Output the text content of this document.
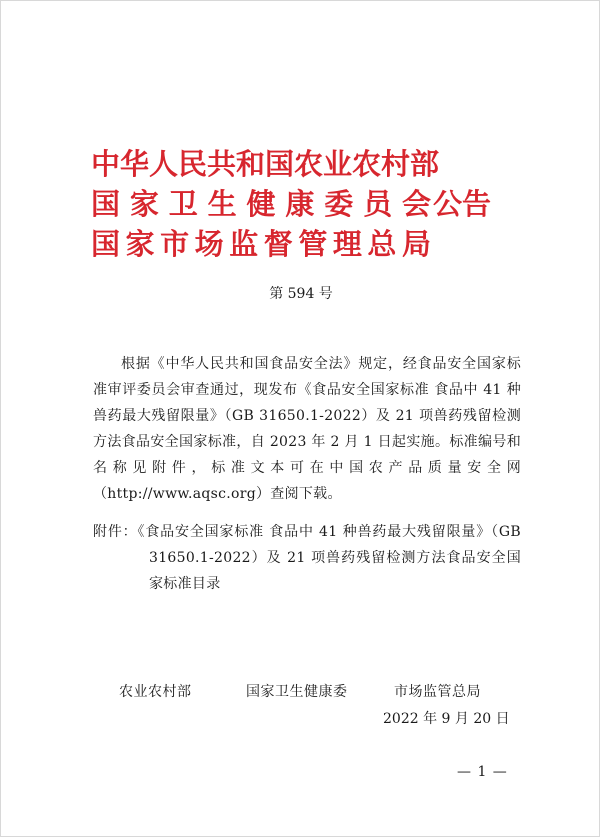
中华人民共和国农业农村部
国家卫生健康委员会公告
国家市场监督管理总局
第 594 号
根据《中华人民共和国食品安全法》规定，经食品安全国家标准审评委员会审查通过，现发布《食品安全国家标准 食品中 41 种兽药最大残留限量》（GB 31650.1-2022）及 21 项兽药残留检测方法食品安全国家标准，自 2023 年 2 月 1 日起实施。标准编号和名称见附件，标准文本可在中国农产品质量安全网（http://www.aqsc.org）查阅下载。
附件：《食品安全国家标准 食品中 41 种兽药最大残留限量》（GB 31650.1-2022）及 21 项兽药残留检测方法食品安全国家标准目录
农业农村部	国家卫生健康委	市场监管总局
2022 年 9 月 20 日
— 1 —
